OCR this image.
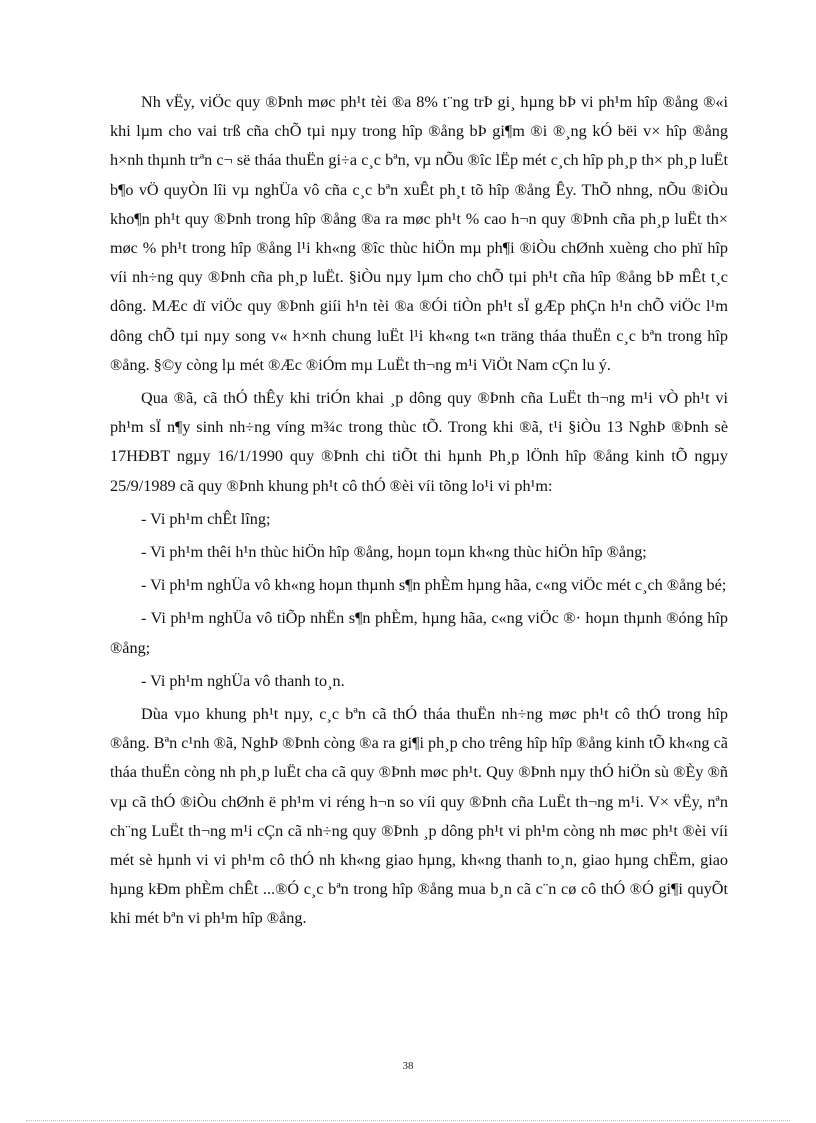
Nh vËy, viÖc quy ®Þnh møc ph¹t tèi ®a 8% t¨ng trÞ gi¸ hµng bÞ vi ph¹m hîp ®ång ®«i khi lµm cho vai trß cña chÕ tµi nµy trong hîp ®ång bÞ gi¶m ®i ®¸ng kÓ bëi v× hîp ®ång h×nh thµnh trªn c¬ së tháa thuËn gi÷a c¸c bªn, vµ nÕu ®îc lËp mét c¸ch hîp ph¸p th× ph¸p luËt b¶o vÖ quyÒn lîi vµ nghÜa vô cña c¸c bªn xuÊt ph¸t tõ hîp ®ång Êy. ThÕ nhng, nÕu ®iÒu kho¶n ph¹t quy ®Þnh trong hîp ®ång ®a ra møc ph¹t % cao h¬n quy ®Þnh cña ph¸p luËt th× møc % ph¹t trong hîp ®ång l¹i kh«ng ®îc thùc hiÖn mµ ph¶i ®iÒu chØnh xuèng cho phï hîp víi nh÷ng quy ®Þnh cña ph¸p luËt. §iÒu nµy lµm cho chÕ tµi ph¹t cña hîp ®ång bÞ mÊt t¸c dông. MÆc dï viÖc quy ®Þnh giíi h¹n tèi ®a ®Ói tiÒn ph¹t sÏ gÆp phÇn h¹n chÕ viÖc l¹m dông chÕ tµi nµy song v« h×nh chung luËt l¹i kh«ng t«n träng tháa thuËn c¸c bªn trong hîp ®ång. §©y còng lµ mét ®Æc ®iÓm mµ LuËt th¬ng m¹i ViÖt Nam cÇn lu ý.

Qua ®ã, cã thÓ thÊy khi triÓn khai ¸p dông quy ®Þnh cña LuËt th¬ng m¹i vÒ ph¹t vi ph¹m sÏ n¶y sinh nh÷ng víng m¾c trong thùc tÕ. Trong khi ®ã, t¹i §iÒu 13 NghÞ ®Þnh sè 17HĐBT ngµy 16/1/1990 quy ®Þnh chi tiÕt thi hµnh Ph¸p lÖnh hîp ®ång kinh tÕ ngµy 25/9/1989 cã quy ®Þnh khung ph¹t cô thÓ ®èi víi tõng lo¹i vi ph¹m:

- Vi ph¹m chÊt lîng;

- Vi ph¹m thêi h¹n thùc hiÖn hîp ®ång, hoµn toµn kh«ng thùc hiÖn hîp ®ång;

- Vi ph¹m nghÜa vô kh«ng hoµn thµnh s¶n phÈm hµng hãa, c«ng viÖc mét c¸ch ®ång bé;

- Vi ph¹m nghÜa vô tiÕp nhËn s¶n phÈm, hµng hãa, c«ng viÖc ®· hoµn thµnh ®óng hîp ®ång;

- Vi ph¹m nghÜa vô thanh to¸n.

Dùa vµo khung ph¹t nµy, c¸c bªn cã thÓ tháa thuËn nh÷ng møc ph¹t cô thÓ trong hîp ®ång. Bªn c¹nh ®ã, NghÞ ®Þnh còng ®a ra gi¶i ph¸p cho trêng hîp hîp ®ång kinh tÕ kh«ng cã tháa thuËn còng nh ph¸p luËt cha cã quy ®Þnh møc ph¹t. Quy ®Þnh nµy thÓ hiÖn sù ®Èy ®ñ vµ cã thÓ ®iÒu chØnh ë ph¹m vi réng h¬n so víi quy ®Þnh cña LuËt th¬ng m¹i. V× vËy, nªn ch¨ng LuËt th¬ng m¹i cÇn cã nh÷ng quy ®Þnh ¸p dông ph¹t vi ph¹m còng nh møc ph¹t ®èi víi mét sè hµnh vi vi ph¹m cô thÓ nh kh«ng giao hµng, kh«ng thanh to¸n, giao hµng chËm, giao hµng kÐm phÈm chÊt ...®Ó c¸c bªn trong hîp ®ång mua b¸n cã c¨n cø cô thÓ ®Ó gi¶i quyÕt khi mét bªn vi ph¹m hîp ®ång.

38
